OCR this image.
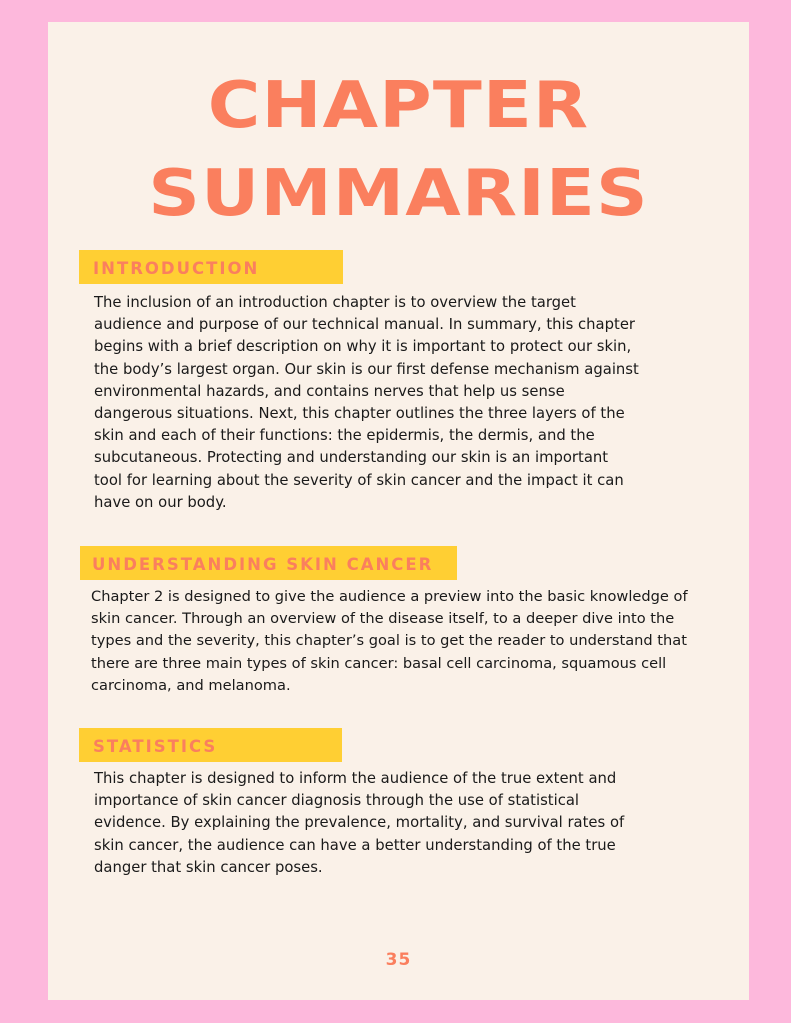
CHAPTER
SUMMARIES
INTRODUCTION
The inclusion of an introduction chapter is to overview the target
audience and purpose of our technical manual. In summary, this chapter
begins with a brief description on why it is important to protect our skin,
the body’s largest organ. Our skin is our first defense mechanism against
environmental hazards, and contains nerves that help us sense
dangerous situations. Next, this chapter outlines the three layers of the
skin and each of their functions: the epidermis, the dermis, and the
subcutaneous. Protecting and understanding our skin is an important
tool for learning about the severity of skin cancer and the impact it can
have on our body.
UNDERSTANDING SKIN CANCER
Chapter 2 is designed to give the audience a preview into the basic knowledge of
skin cancer. Through an overview of the disease itself, to a deeper dive into the
types and the severity, this chapter’s goal is to get the reader to understand that
there are three main types of skin cancer: basal cell carcinoma, squamous cell
carcinoma, and melanoma.
STATISTICS
This chapter is designed to inform the audience of the true extent and
importance of skin cancer diagnosis through the use of statistical
evidence. By explaining the prevalence, mortality, and survival rates of
skin cancer, the audience can have a better understanding of the true
danger that skin cancer poses.
35
